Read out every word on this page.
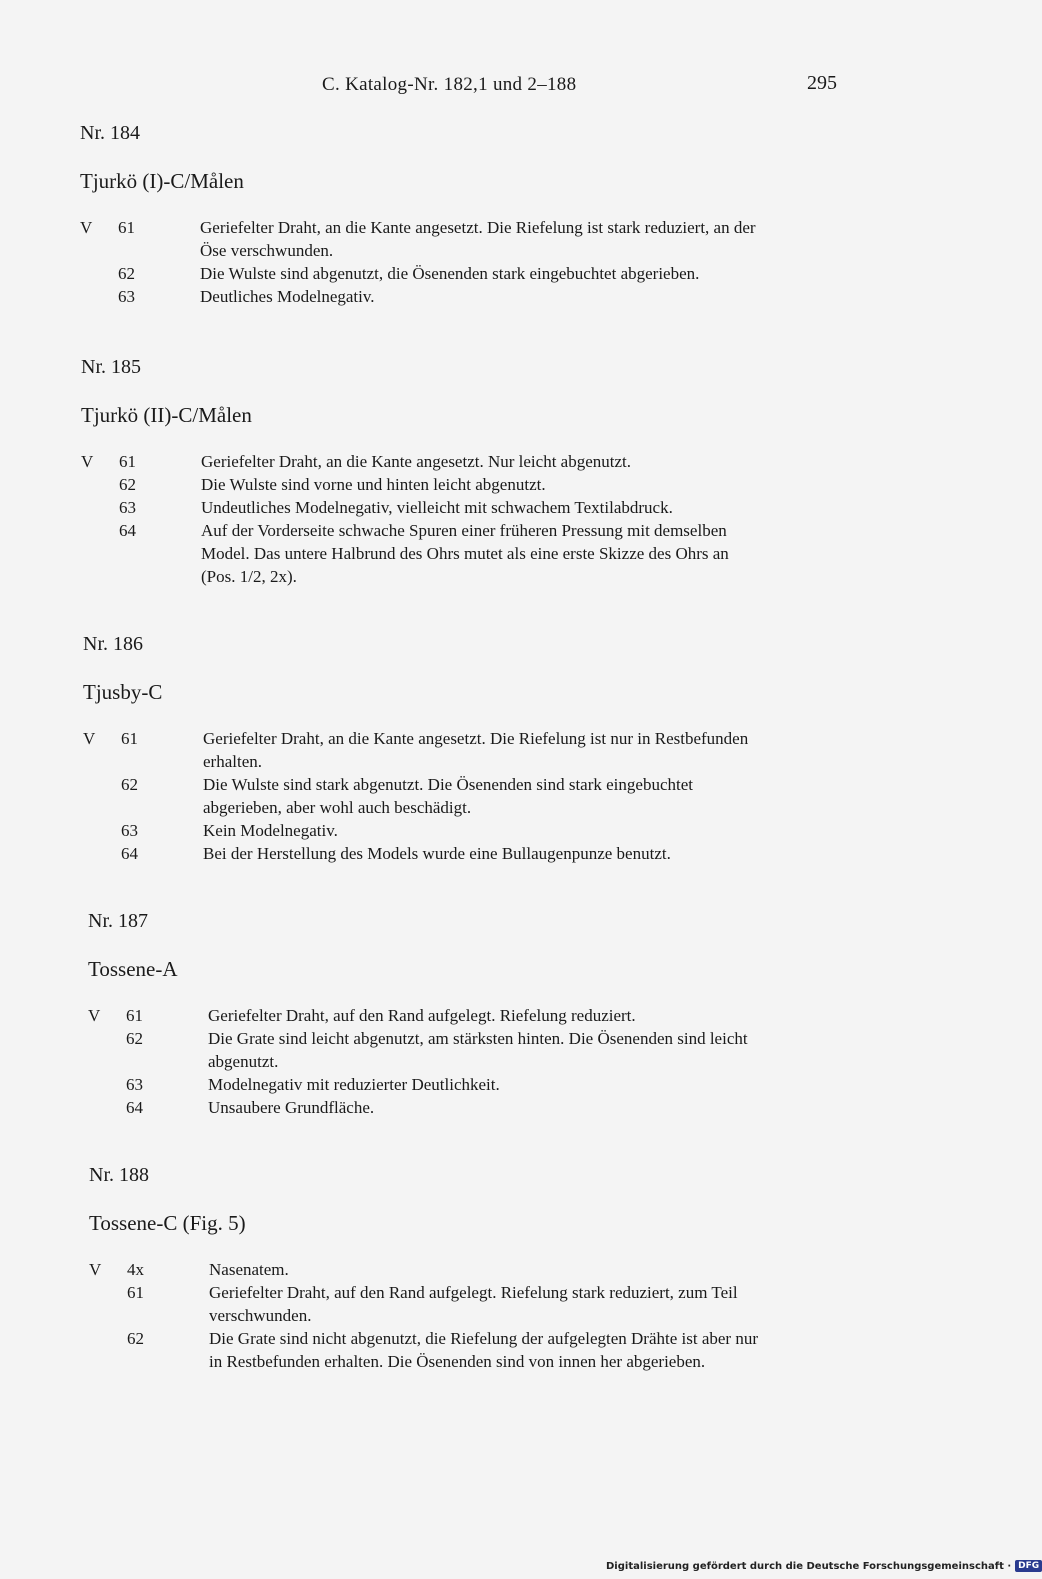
C. Katalog-Nr. 182,1 und 2–188	295
Nr. 184
Tjurkö (I)-C/Målen
V	61	Geriefelter Draht, an die Kante angesetzt. Die Riefelung ist stark reduziert, an der
Öse verschwunden.
62	Die Wulste sind abgenutzt, die Ösenenden stark eingebuchtet abgerieben.
63	Deutliches Modelnegativ.
Nr. 185
Tjurkö (II)-C/Målen
V	61	Geriefelter Draht, an die Kante angesetzt. Nur leicht abgenutzt.
62	Die Wulste sind vorne und hinten leicht abgenutzt.
63	Undeutliches Modelnegativ, vielleicht mit schwachem Textilabdruck.
64	Auf der Vorderseite schwache Spuren einer früheren Pressung mit demselben
Model. Das untere Halbrund des Ohrs mutet als eine erste Skizze des Ohrs an
(Pos. 1/2, 2x).
Nr. 186
Tjusby-C
V	61	Geriefelter Draht, an die Kante angesetzt. Die Riefelung ist nur in Restbefunden
erhalten.
62	Die Wulste sind stark abgenutzt. Die Ösenenden sind stark eingebuchtet
abgerieben, aber wohl auch beschädigt.
63	Kein Modelnegativ.
64	Bei der Herstellung des Models wurde eine Bullaugenpunze benutzt.
Nr. 187
Tossene-A
V	61	Geriefelter Draht, auf den Rand aufgelegt. Riefelung reduziert.
62	Die Grate sind leicht abgenutzt, am stärksten hinten. Die Ösenenden sind leicht
abgenutzt.
63	Modelnegativ mit reduzierter Deutlichkeit.
64	Unsaubere Grundfläche.
Nr. 188
Tossene-C (Fig. 5)
V	4x	Nasenatem.
61	Geriefelter Draht, auf den Rand aufgelegt. Riefelung stark reduziert, zum Teil
verschwunden.
62	Die Grate sind nicht abgenutzt, die Riefelung der aufgelegten Drähte ist aber nur
in Restbefunden erhalten. Die Ösenenden sind von innen her abgerieben.
Digitalisierung gefördert durch die Deutsche Forschungsgemeinschaft · DFG
